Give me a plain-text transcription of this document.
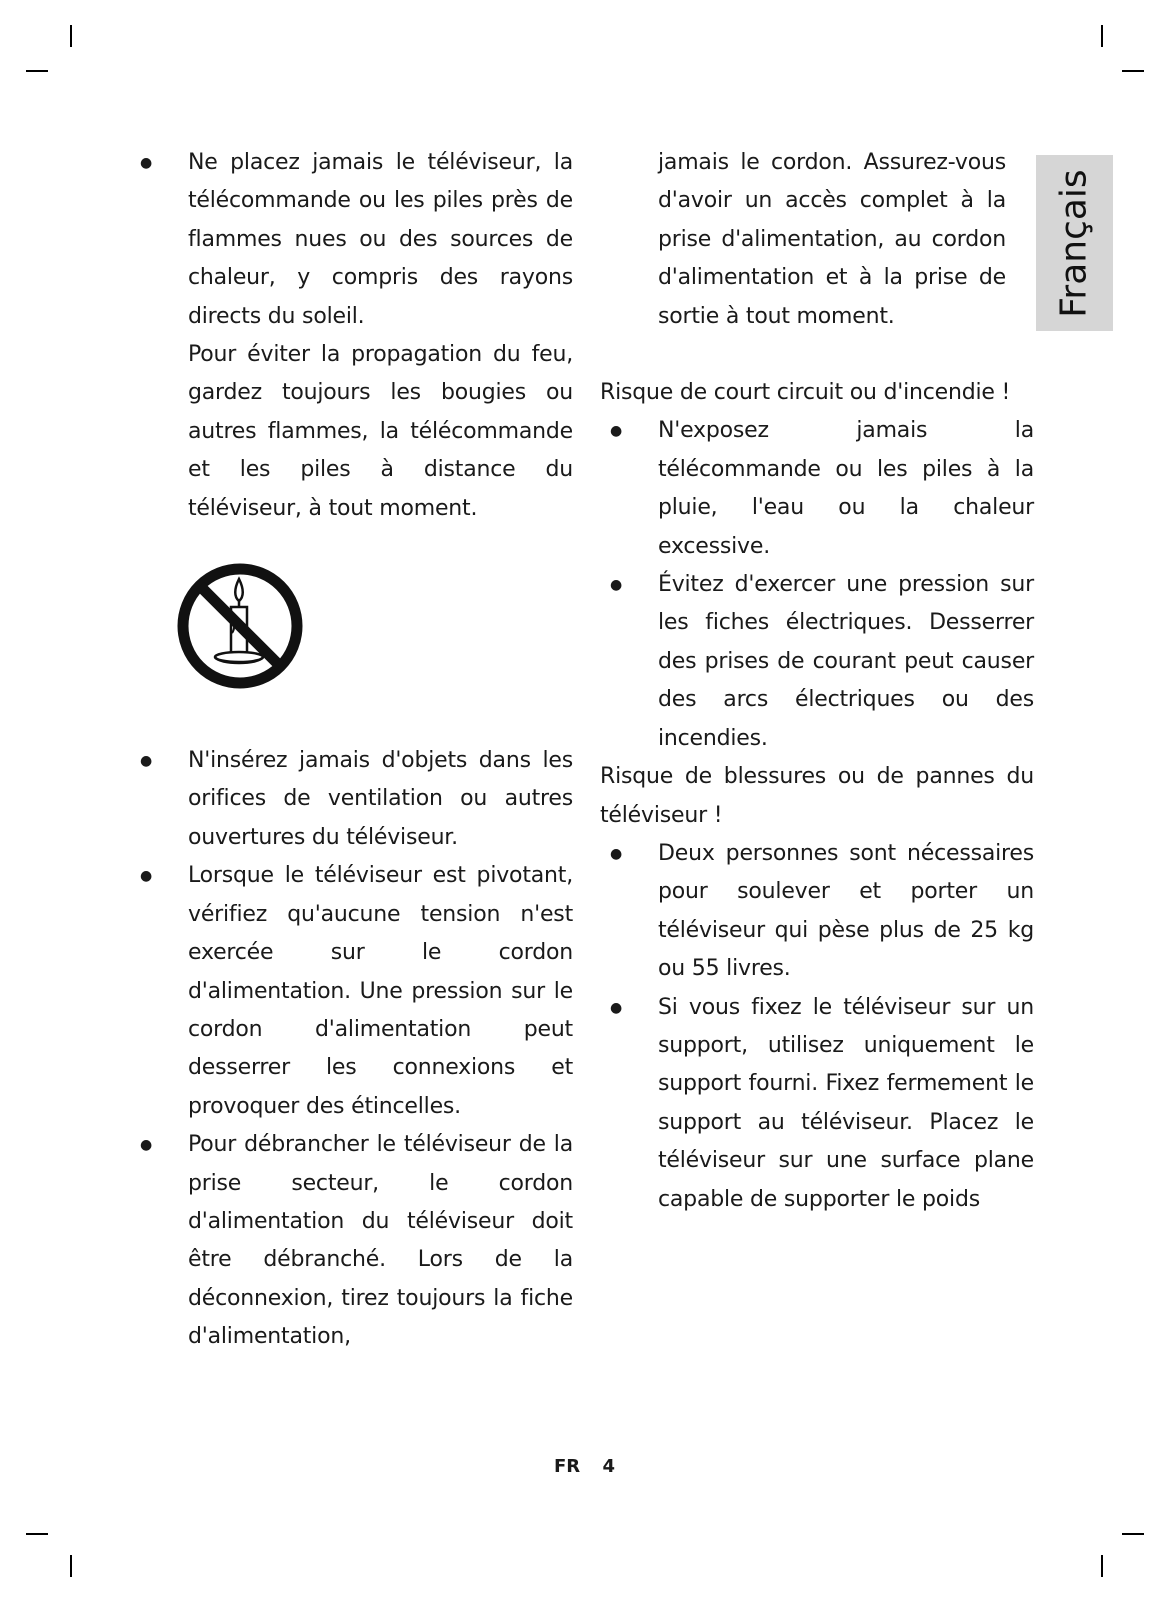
Français
● Ne placez jamais le téléviseur, la télécommande ou les piles près de flammes nues ou des sources de chaleur, y compris des rayons directs du soleil.

Pour éviter la propagation du feu, gardez toujours les bougies ou autres flammes, la télécommande et les piles à distance du téléviseur, à tout moment.

● N'insérez jamais d'objets dans les orifices de ventilation ou autres ouvertures du téléviseur.

● Lorsque le téléviseur est pivotant, vérifiez qu'aucune tension n'est exercée sur le cordon d'alimentation. Une pression sur le cordon d'alimentation peut desserrer les connexions et provoquer des étincelles.

● Pour débrancher le téléviseur de la prise secteur, le cordon d'alimentation du téléviseur doit être débranché. Lors de la déconnexion, tirez toujours la fiche d'alimentation,

jamais le cordon. Assurez-vous d'avoir un accès complet à la prise d'alimentation, au cordon d'alimentation et à la prise de sortie à tout moment.

Risque de court circuit ou d'incendie !
● N'exposez jamais la télécommande ou les piles à la pluie, l'eau ou la chaleur excessive.

● Évitez d'exercer une pression sur les fiches électriques. Desserrer des prises de courant peut causer des arcs électriques ou des incendies.

Risque de blessures ou de pannes du téléviseur !
● Deux personnes sont nécessaires pour soulever et porter un téléviseur qui pèse plus de 25 kg ou 55 livres.

● Si vous fixez le téléviseur sur un support, utilisez uniquement le support fourni. Fixez fermement le support au téléviseur. Placez le téléviseur sur une surface plane capable de supporter le poids

FR 4
